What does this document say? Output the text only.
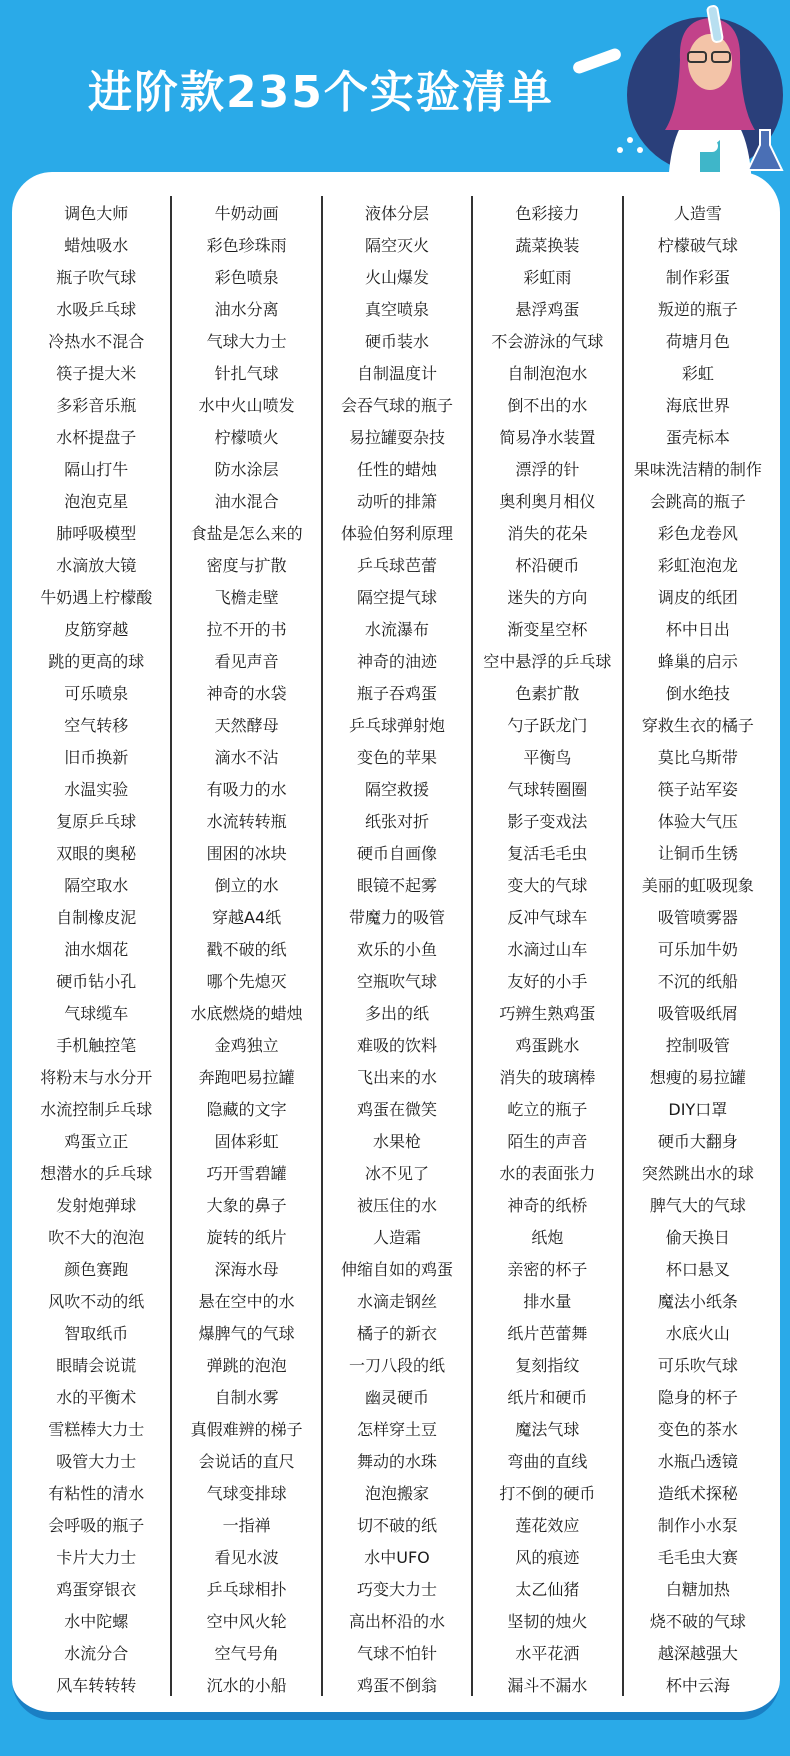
进阶款235个实验清单
调色大师
蜡烛吸水
瓶子吹气球
水吸乒乓球
冷热水不混合
筷子提大米
多彩音乐瓶
水杯提盘子
隔山打牛
泡泡克星
肺呼吸模型
水滴放大镜
牛奶遇上柠檬酸
皮筋穿越
跳的更高的球
可乐喷泉
空气转移
旧币换新
水温实验
复原乒乓球
双眼的奥秘
隔空取水
自制橡皮泥
油水烟花
硬币钻小孔
气球缆车
手机触控笔
将粉末与水分开
水流控制乒乓球
鸡蛋立正
想潜水的乒乓球
发射炮弹球
吹不大的泡泡
颜色赛跑
风吹不动的纸
智取纸币
眼睛会说谎
水的平衡术
雪糕棒大力士
吸管大力士
有粘性的清水
会呼吸的瓶子
卡片大力士
鸡蛋穿银衣
水中陀螺
水流分合
风车转转转
牛奶动画
彩色珍珠雨
彩色喷泉
油水分离
气球大力士
针扎气球
水中火山喷发
柠檬喷火
防水涂层
油水混合
食盐是怎么来的
密度与扩散
飞檐走壁
拉不开的书
看见声音
神奇的水袋
天然酵母
滴水不沾
有吸力的水
水流转转瓶
围困的冰块
倒立的水
穿越A4纸
戳不破的纸
哪个先熄灭
水底燃烧的蜡烛
金鸡独立
奔跑吧易拉罐
隐藏的文字
固体彩虹
巧开雪碧罐
大象的鼻子
旋转的纸片
深海水母
悬在空中的水
爆脾气的气球
弹跳的泡泡
自制水雾
真假难辨的梯子
会说话的直尺
气球变排球
一指禅
看见水波
乒乓球相扑
空中风火轮
空气号角
沉水的小船
液体分层
隔空灭火
火山爆发
真空喷泉
硬币装水
自制温度计
会吞气球的瓶子
易拉罐耍杂技
任性的蜡烛
动听的排箫
体验伯努利原理
乒乓球芭蕾
隔空提气球
水流瀑布
神奇的油迹
瓶子吞鸡蛋
乒乓球弹射炮
变色的苹果
隔空救援
纸张对折
硬币自画像
眼镜不起雾
带魔力的吸管
欢乐的小鱼
空瓶吹气球
多出的纸
难吸的饮料
飞出来的水
鸡蛋在微笑
水果枪
冰不见了
被压住的水
人造霜
伸缩自如的鸡蛋
水滴走钢丝
橘子的新衣
一刀八段的纸
幽灵硬币
怎样穿土豆
舞动的水珠
泡泡搬家
切不破的纸
水中UFO
巧变大力士
高出杯沿的水
气球不怕针
鸡蛋不倒翁
色彩接力
蔬菜换装
彩虹雨
悬浮鸡蛋
不会游泳的气球
自制泡泡水
倒不出的水
简易净水装置
漂浮的针
奥利奥月相仪
消失的花朵
杯沿硬币
迷失的方向
渐变星空杯
空中悬浮的乒乓球
色素扩散
勺子跃龙门
平衡鸟
气球转圈圈
影子变戏法
复活毛毛虫
变大的气球
反冲气球车
水滴过山车
友好的小手
巧辨生熟鸡蛋
鸡蛋跳水
消失的玻璃棒
屹立的瓶子
陌生的声音
水的表面张力
神奇的纸桥
纸炮
亲密的杯子
排水量
纸片芭蕾舞
复刻指纹
纸片和硬币
魔法气球
弯曲的直线
打不倒的硬币
莲花效应
风的痕迹
太乙仙猪
坚韧的烛火
水平花洒
漏斗不漏水
人造雪
柠檬破气球
制作彩蛋
叛逆的瓶子
荷塘月色
彩虹
海底世界
蛋壳标本
果味洗洁精的制作
会跳高的瓶子
彩色龙卷风
彩虹泡泡龙
调皮的纸团
杯中日出
蜂巢的启示
倒水绝技
穿救生衣的橘子
莫比乌斯带
筷子站军姿
体验大气压
让铜币生锈
美丽的虹吸现象
吸管喷雾器
可乐加牛奶
不沉的纸船
吸管吸纸屑
控制吸管
想瘦的易拉罐
DIY口罩
硬币大翻身
突然跳出水的球
脾气大的气球
偷天换日
杯口悬叉
魔法小纸条
水底火山
可乐吹气球
隐身的杯子
变色的茶水
水瓶凸透镜
造纸术探秘
制作小水泵
毛毛虫大赛
白糖加热
烧不破的气球
越深越强大
杯中云海
